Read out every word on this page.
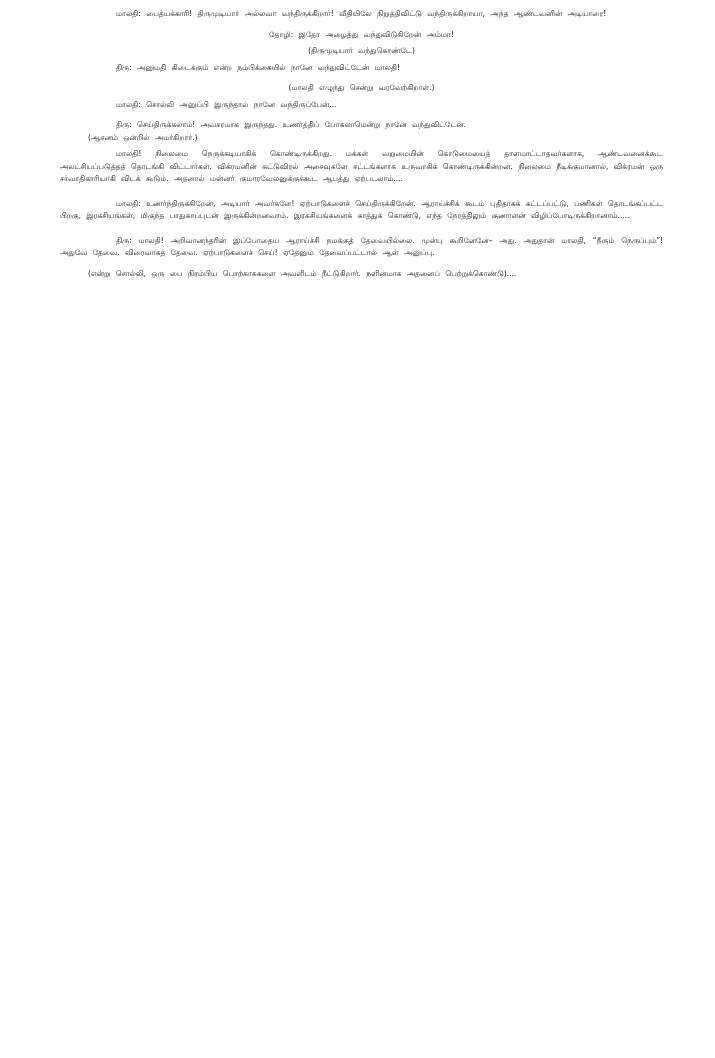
மாலதி: பைத்யக்காரி! திருமுடியார் அல்லவா வந்திருக்கிறார்! வீதியிலே நிறுத்திவிட்டு வந்திருக்கிறாயா, அந்த ஆண்டவனின் அடியாரை!

தோழி: இதோ அழைத்து வந்துவிடுகிறேன் அம்மா!

(திருமுடியார் வந்துகொண்டே)

திரு: அனுமதி கிடைக்கும் என்ற நம்பிக்கையில் நானே வந்துவிட்டேன் மாலதி!

(மாலதி எழுந்து சென்று வரவேற்கிறாள்.)

மாலதி: சொல்லி அனுப்பி இருந்தால் நானே வந்திருப்பேன்...

திரு: செய்திருக்கலாம்! அவசரமாக இருந்தது. உணர்த்திப் போகலாமென்று நானே வந்துவிட்டேன்.

(ஆசனம் ஒன்றில் அமர்கிறார்.)

மாலதி! நிலைமை நெருக்கடியாகிக் கொண்டிருக்கிறது. மக்கள் வறுமையின் கொடுமையைத் தாளமாட்டாதவர்களாக, ஆண்டவனைக்கூட அலட்சியப்படுத்தத் தொடங்கி விட்டார்கள். விக்ரமனின் சுட்டுவிரல் அசைவுகளே சட்டங்களாக உருவாகிக் கொண்டிருக்கின்றன. நிலைமை நீடிக்குமானால், விக்ரமன் ஒரு சர்வாதிகாரியாகி விடக் கூடும். அதனால் மன்னர் குமாரவேலனுக்குக்கூட ஆபத்து ஏற்படலாம்....

மாலதி: உணர்ந்திருக்கிறேன், அடியார் அவர்களே! ஏற்பாடுகளைச் செய்திருக்கிறேன். ஆராய்ச்சிக் கூடம் புதிதாகக் கட்டப்பட்டு, பணிகள் தொடங்கப்பட்ட பிறகு, இரகசியங்கள், மிகுந்த பாதுகாப்புடன் இருக்கின்றனவாம். இரகசியங்களைக் காத்துக் கொண்டு, எந்த நேரத்திலும் குணாளன் விழிப்போடிருக்கிறானாம்.....

திரு: மாலதி! அறிவானந்தரின் இப்போதைய ஆராய்ச்சி நமக்குத் தேவையில்லை. முன்பு கூறினேனே– அது. அதுதான் மாலதி, “நீரும் நெருப்பும்”! அதுவே தேவை. விரைவாகத் தேவை. ஏற்பாடுகளைச் செய்! ஏதேனும் தேவைப்பட்டால் ஆள் அனுப்பு.

(என்று சொல்லி, ஒரு பை நிரம்பிய பொற்காசுகளை அவளிடம் நீட்டுகிறார். நளினமாக அதனைப் பெற்றுக்கொண்டு)....
